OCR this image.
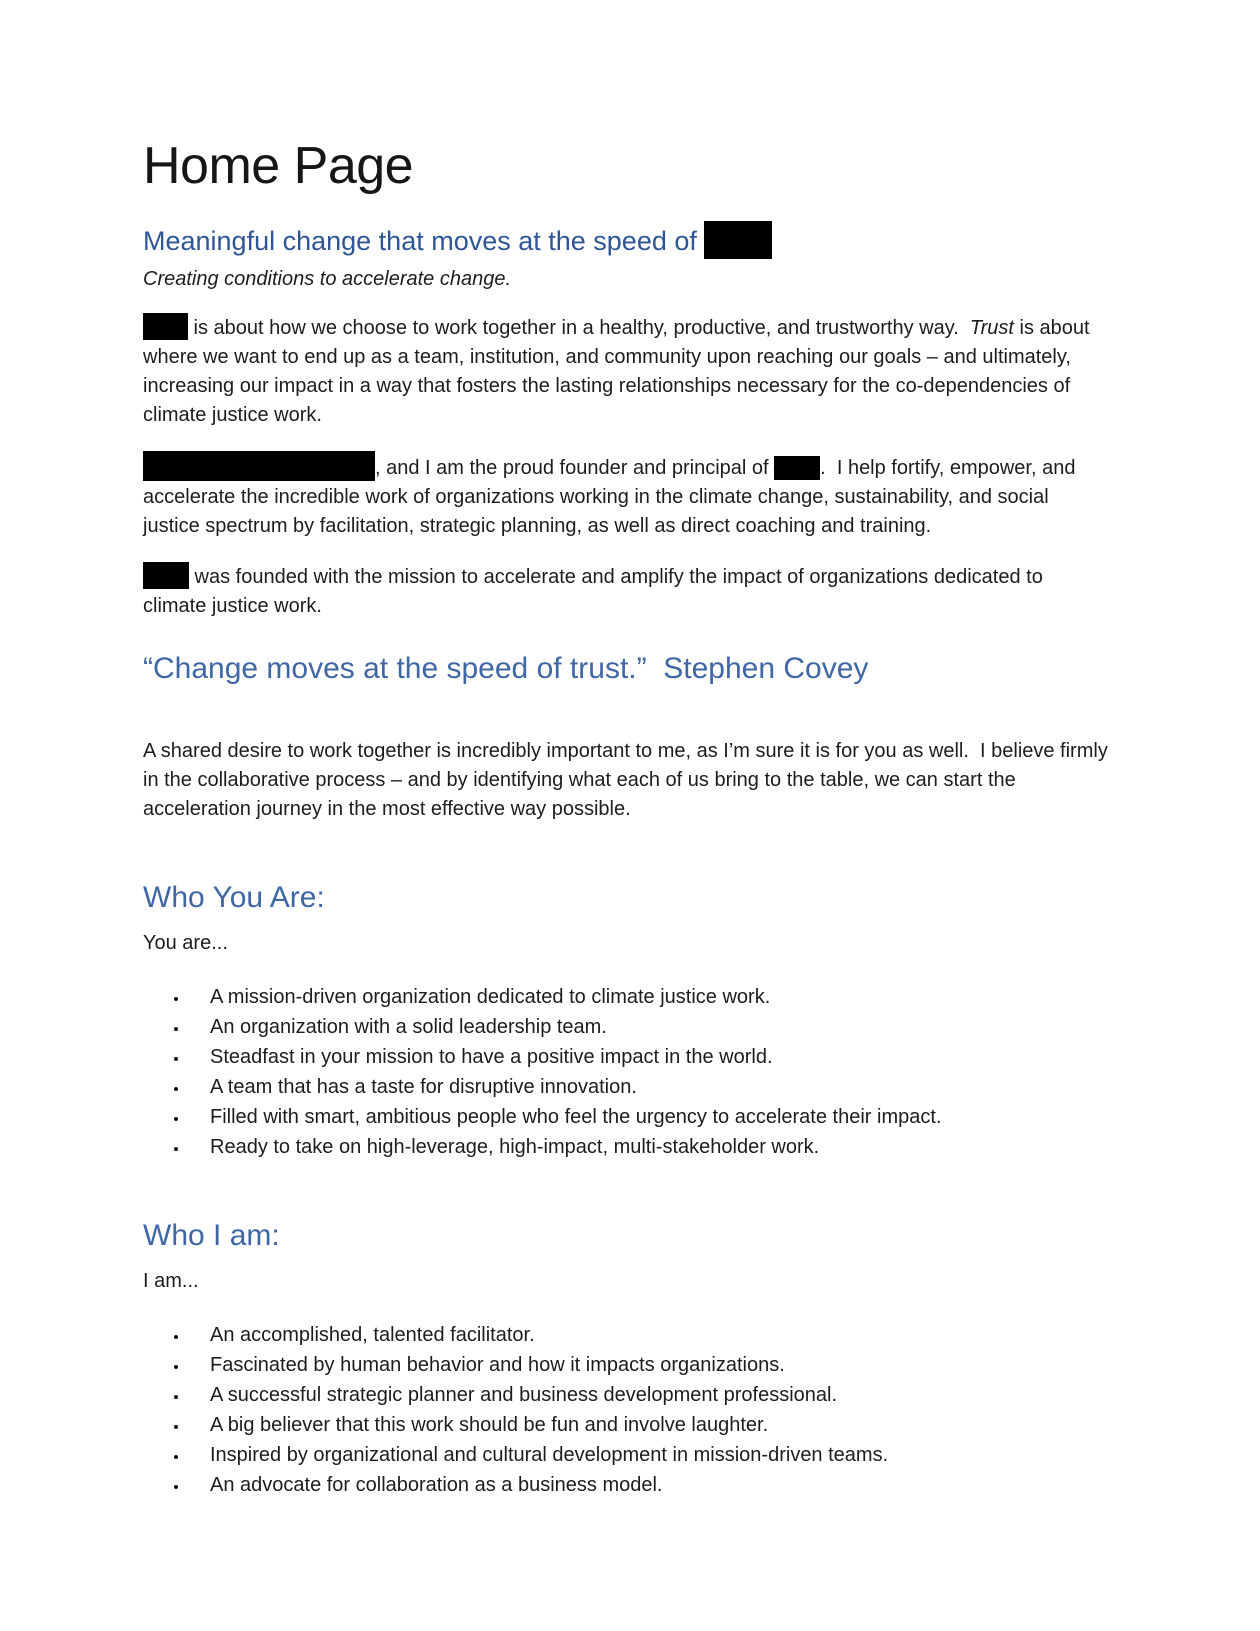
Home Page
Meaningful change that moves at the speed of
Creating conditions to accelerate change.

is about how we choose to work together in a healthy, productive, and trustworthy way.  Trust is about where we want to end up as a team, institution, and community upon reaching our goals – and ultimately, increasing our impact in a way that fosters the lasting relationships necessary for the co-dependencies of climate justice work.

, and I am the proud founder and principal of .  I help fortify, empower, and accelerate the incredible work of organizations working in the climate change, sustainability, and social justice spectrum by facilitation, strategic planning, as well as direct coaching and training.

was founded with the mission to accelerate and amplify the impact of organizations dedicated to climate justice work.

“Change moves at the speed of trust.”  Stephen Covey

A shared desire to work together is incredibly important to me, as I’m sure it is for you as well.  I believe firmly in the collaborative process – and by identifying what each of us bring to the table, we can start the acceleration journey in the most effective way possible.

Who You Are:

You are...

• A mission-driven organization dedicated to climate justice work.
• An organization with a solid leadership team.
• Steadfast in your mission to have a positive impact in the world.
• A team that has a taste for disruptive innovation.
• Filled with smart, ambitious people who feel the urgency to accelerate their impact.
• Ready to take on high-leverage, high-impact, multi-stakeholder work.
Who I am:

I am...

• An accomplished, talented facilitator.
• Fascinated by human behavior and how it impacts organizations.
• A successful strategic planner and business development professional.
• A big believer that this work should be fun and involve laughter.
• Inspired by organizational and cultural development in mission-driven teams.
• An advocate for collaboration as a business model.
